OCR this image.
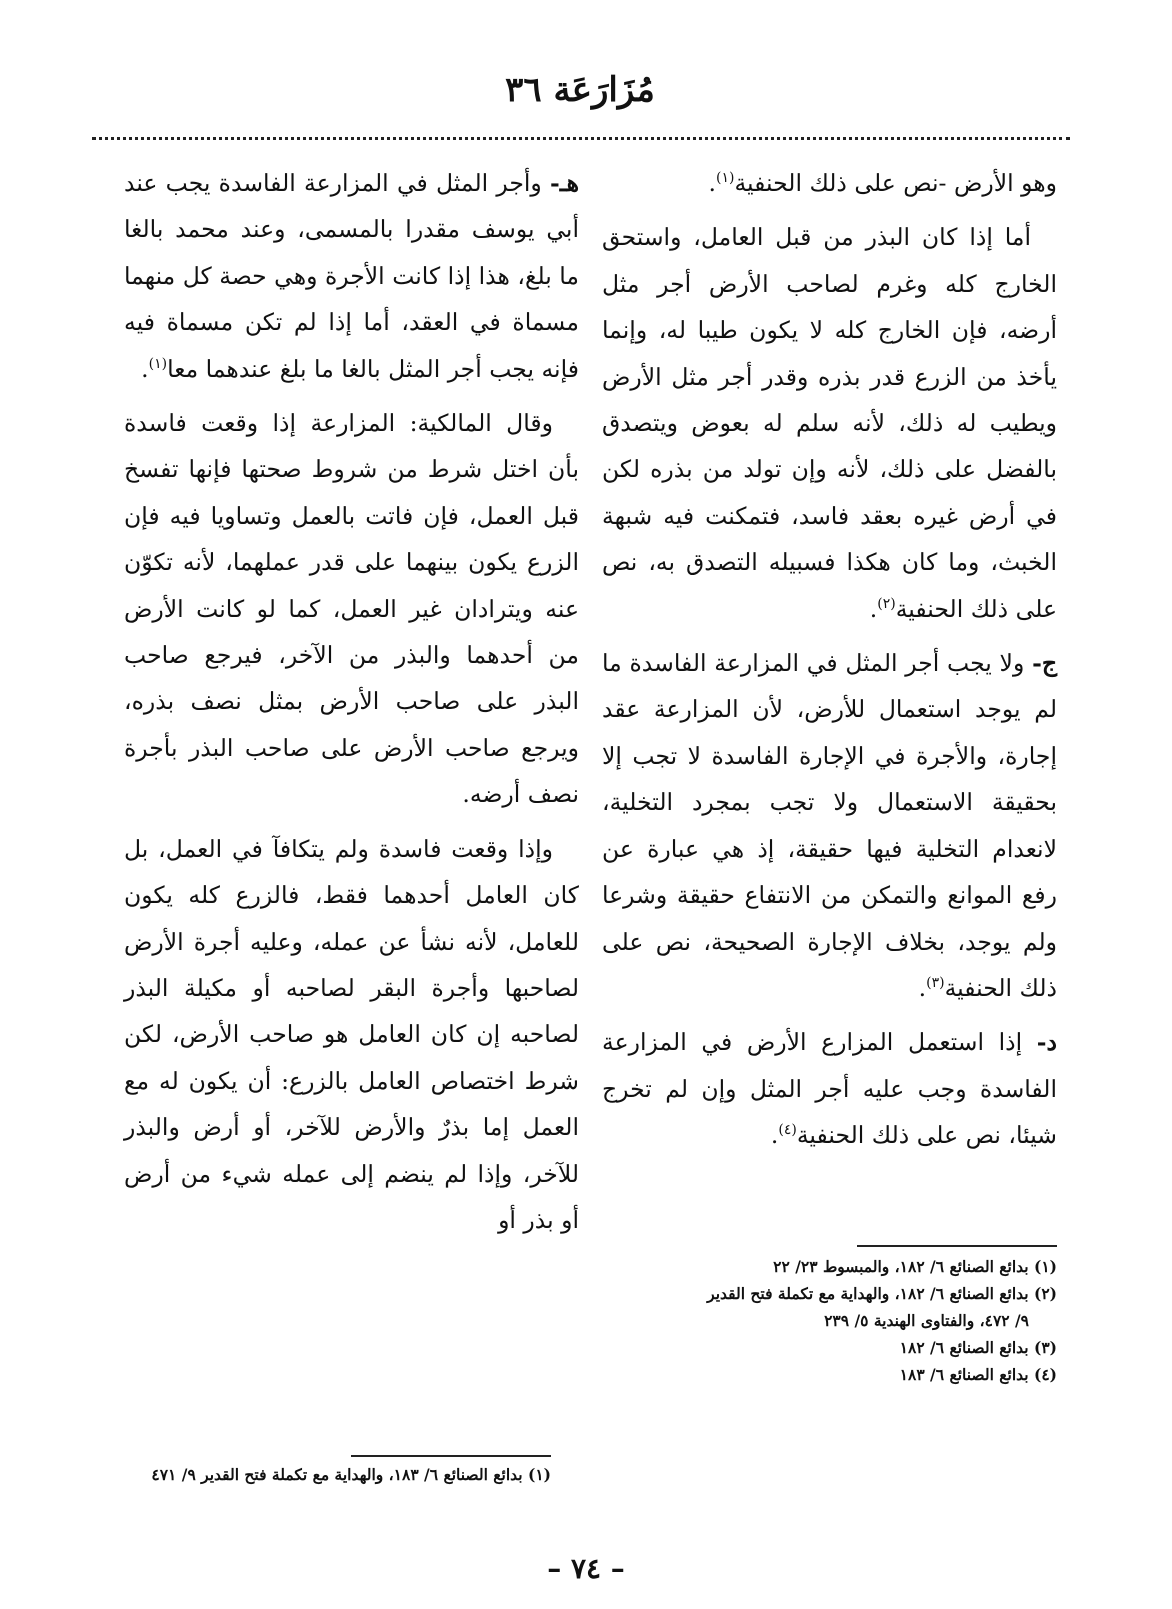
مُزَارَعَة ٣٦

وهو الأرض -نص على ذلك الحنفية$^{(١)}$.

أما إذا كان البذر من قبل العامل، واستحق الخارج كله وغرم لصاحب الأرض أجر مثل أرضه، فإن الخارج كله لا يكون طيبا له، وإنما يأخذ من الزرع قدر بذره وقدر أجر مثل الأرض ويطيب له ذلك، لأنه سلم له بعوض ويتصدق بالفضل على ذلك، لأنه وإن تولد من بذره لكن في أرض غيره بعقد فاسد، فتمكنت فيه شبهة الخبث، وما كان هكذا فسبيله التصدق به، نص على ذلك الحنفية$^{(٢)}$.

ج- ولا يجب أجر المثل في المزارعة الفاسدة ما لم يوجد استعمال للأرض، لأن المزارعة عقد إجارة، والأجرة في الإجارة الفاسدة لا تجب إلا بحقيقة الاستعمال ولا تجب بمجرد التخلية، لانعدام التخلية فيها حقيقة، إذ هي عبارة عن رفع الموانع والتمكن من الانتفاع حقيقة وشرعا ولم يوجد، بخلاف الإجارة الصحيحة، نص على ذلك الحنفية$^{(٣)}$.

د- إذا استعمل المزارع الأرض في المزارعة الفاسدة وجب عليه أجر المثل وإن لم تخرج شيئا، نص على ذلك الحنفية$^{(٤)}$.

(١) بدائع الصنائع ٦/ ١٨٢، والمبسوط ٢٣/ ٢٢
(٢) بدائع الصنائع ٦/ ١٨٢، والهداية مع تكملة فتح القدير
٩/ ٤٧٢، والفتاوى الهندية ٥/ ٢٣٩
(٣) بدائع الصنائع ٦/ ١٨٢
(٤) بدائع الصنائع ٦/ ١٨٣

هـ- وأجر المثل في المزارعة الفاسدة يجب عند أبي يوسف مقدرا بالمسمى، وعند محمد بالغا ما بلغ، هذا إذا كانت الأجرة وهي حصة كل منهما مسماة في العقد، أما إذا لم تكن مسماة فيه فإنه يجب أجر المثل بالغا ما بلغ عندهما معا$^{(١)}$.

وقال المالكية: المزارعة إذا وقعت فاسدة بأن اختل شرط من شروط صحتها فإنها تفسخ قبل العمل، فإن فاتت بالعمل وتساويا فيه فإن الزرع يكون بينهما على قدر عملهما، لأنه تكوّن عنه ويترادان غير العمل، كما لو كانت الأرض من أحدهما والبذر من الآخر، فيرجع صاحب البذر على صاحب الأرض بمثل نصف بذره، ويرجع صاحب الأرض على صاحب البذر بأجرة نصف أرضه.

وإذا وقعت فاسدة ولم يتكافآ في العمل، بل كان العامل أحدهما فقط، فالزرع كله يكون للعامل، لأنه نشأ عن عمله، وعليه أجرة الأرض لصاحبها وأجرة البقر لصاحبه أو مكيلة البذر لصاحبه إن كان العامل هو صاحب الأرض، لكن شرط اختصاص العامل بالزرع: أن يكون له مع العمل إما بذرٌ والأرض للآخر، أو أرض والبذر للآخر، وإذا لم ينضم إلى عمله شيء من أرض أو بذر أو

(١) بدائع الصنائع ٦/ ١٨٣، والهداية مع تكملة فتح القدير ٩/ ٤٧١
– ٧٤ –
